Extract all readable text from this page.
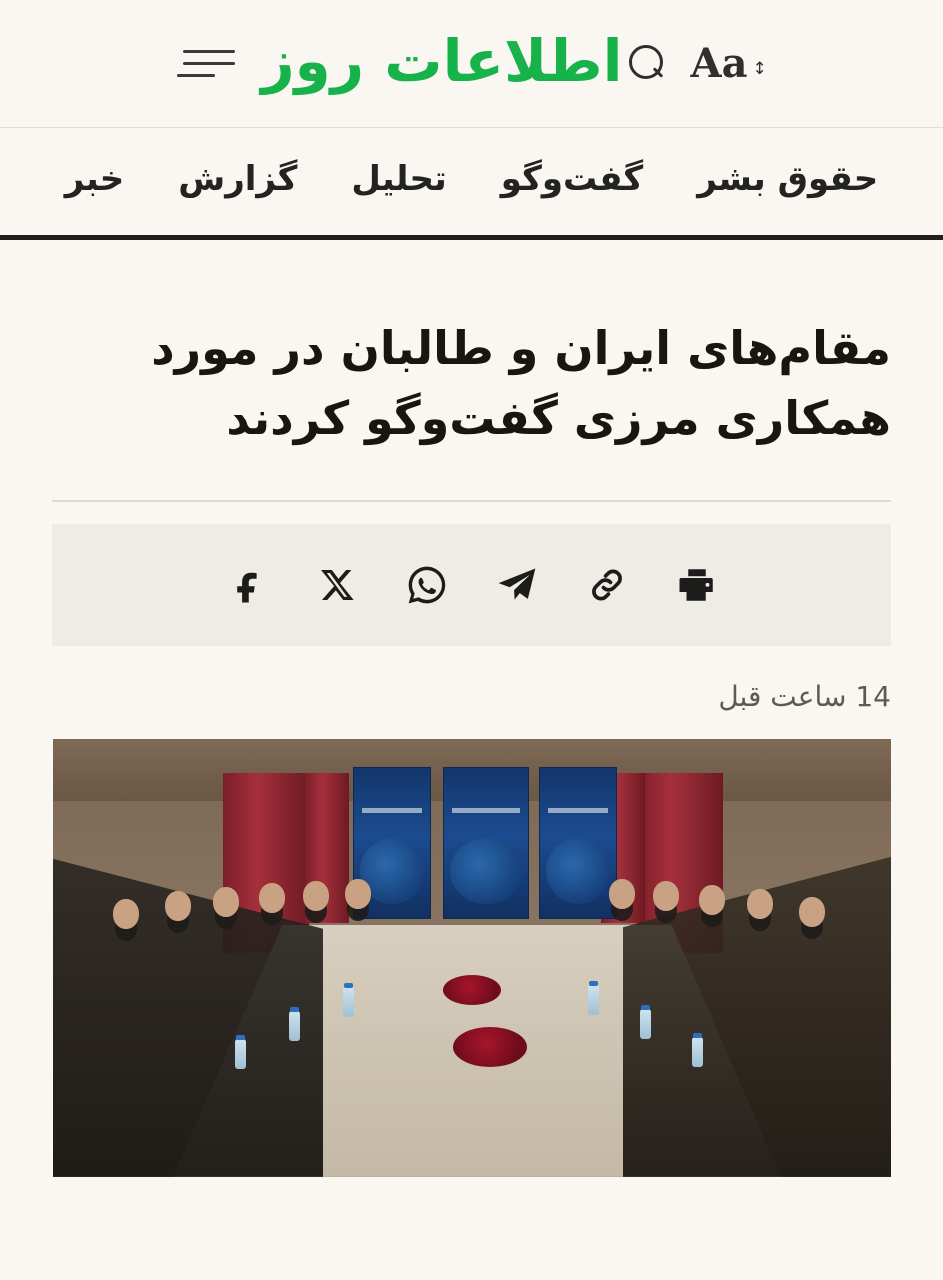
↕
Aa
اطلاعات روز
حقوق بشر
گفت‌وگو
تحلیل
گزارش
خبر
مقام‌های ایران و طالبان در مورد همکاری مرزی گفت‌وگو کردند
14 ساعت قبل
